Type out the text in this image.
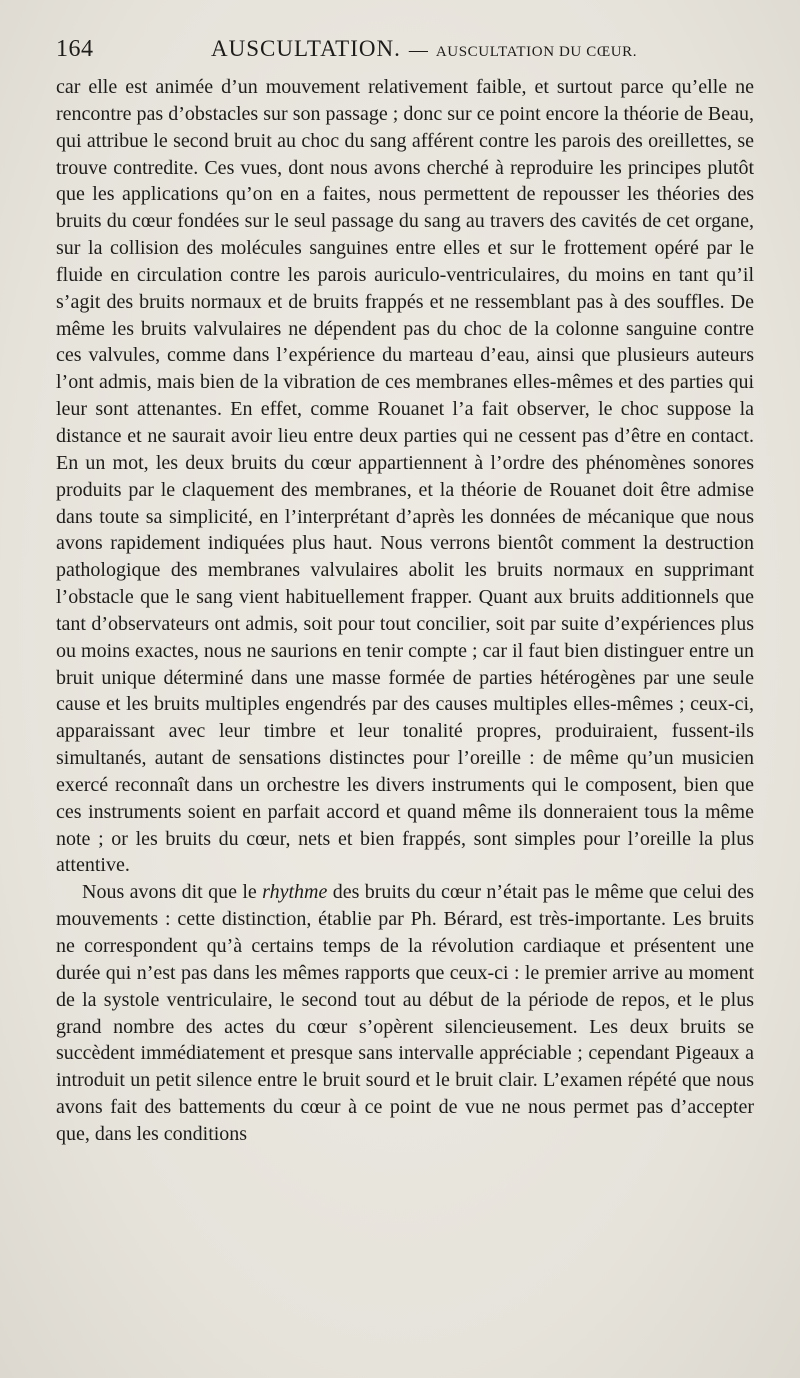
164	AUSCULTATION. — AUSCULTATION DU CŒUR.

car elle est animée d’un mouvement relativement faible, et surtout parce qu’elle ne rencontre pas d’obstacles sur son passage ; donc sur ce point encore la théorie de Beau, qui attribue le second bruit au choc du sang afférent contre les parois des oreillettes, se trouve contredite. Ces vues, dont nous avons cherché à reproduire les principes plutôt que les applications qu’on en a faites, nous permettent de repousser les théories des bruits du cœur fondées sur le seul passage du sang au travers des cavités de cet organe, sur la collision des molécules sanguines entre elles et sur le frottement opéré par le fluide en circulation contre les parois auriculo-ventriculaires, du moins en tant qu’il s’agit des bruits normaux et de bruits frappés et ne ressemblant pas à des souffles. De même les bruits valvulaires ne dépendent pas du choc de la colonne sanguine contre ces valvules, comme dans l’expérience du marteau d’eau, ainsi que plusieurs auteurs l’ont admis, mais bien de la vibration de ces membranes elles-mêmes et des parties qui leur sont attenantes. En effet, comme Rouanet l’a fait observer, le choc suppose la distance et ne saurait avoir lieu entre deux parties qui ne cessent pas d’être en contact. En un mot, les deux bruits du cœur appartiennent à l’ordre des phénomènes sonores produits par le claquement des membranes, et la théorie de Rouanet doit être admise dans toute sa simplicité, en l’interprétant d’après les données de mécanique que nous avons rapidement indiquées plus haut. Nous verrons bientôt comment la destruction pathologique des membranes valvulaires abolit les bruits normaux en supprimant l’obstacle que le sang vient habituellement frapper. Quant aux bruits additionnels que tant d’observateurs ont admis, soit pour tout concilier, soit par suite d’expériences plus ou moins exactes, nous ne saurions en tenir compte ; car il faut bien distinguer entre un bruit unique déterminé dans une masse formée de parties hétérogènes par une seule cause et les bruits multiples engendrés par des causes multiples elles-mêmes ; ceux-ci, apparaissant avec leur timbre et leur tonalité propres, produiraient, fussent-ils simultanés, autant de sensations distinctes pour l’oreille : de même qu’un musicien exercé reconnaît dans un orchestre les divers instruments qui le composent, bien que ces instruments soient en parfait accord et quand même ils donneraient tous la même note ; or les bruits du cœur, nets et bien frappés, sont simples pour l’oreille la plus attentive.

Nous avons dit que le rhythme des bruits du cœur n’était pas le même que celui des mouvements : cette distinction, établie par Ph. Bérard, est très-importante. Les bruits ne correspondent qu’à certains temps de la révolution cardiaque et présentent une durée qui n’est pas dans les mêmes rapports que ceux-ci : le premier arrive au moment de la systole ventriculaire, le second tout au début de la période de repos, et le plus grand nombre des actes du cœur s’opèrent silencieusement. Les deux bruits se succèdent immédiatement et presque sans intervalle appréciable ; cependant Pigeaux a introduit un petit silence entre le bruit sourd et le bruit clair. L’examen répété que nous avons fait des battements du cœur à ce point de vue ne nous permet pas d’accepter que, dans les conditions
